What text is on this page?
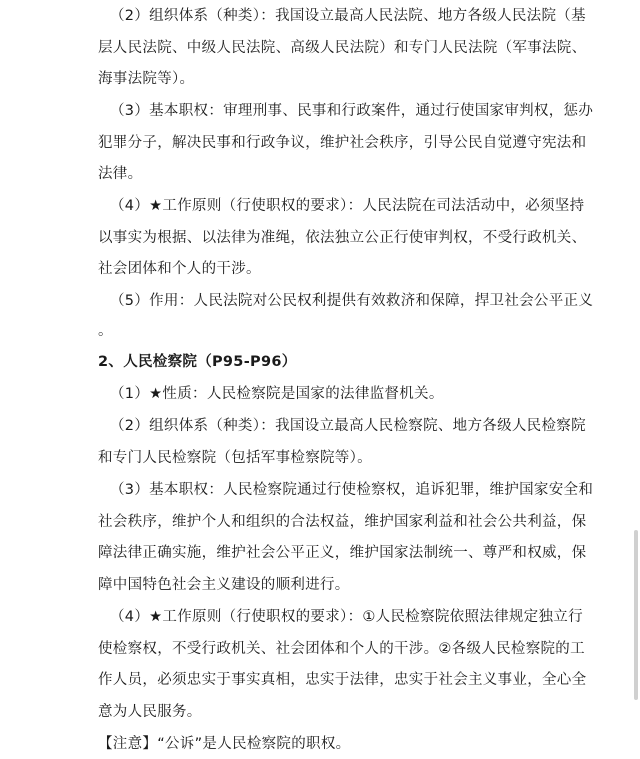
（2）组织体系（种类）：我国设立最高人民法院、地方各级人民法院（基
层人民法院、中级人民法院、高级人民法院）和专门人民法院（军事法院、
海事法院等）。
（3）基本职权：审理刑事、民事和行政案件，通过行使国家审判权，惩办
犯罪分子，解决民事和行政争议，维护社会秩序，引导公民自觉遵守宪法和
法律。
（4）★工作原则（行使职权的要求）：人民法院在司法活动中，必须坚持
以事实为根据、以法律为准绳，依法独立公正行使审判权，不受行政机关、
社会团体和个人的干涉。
（5）作用：人民法院对公民权利提供有效救济和保障，捍卫社会公平正义
。
2、人民检察院（P95-P96）
（1）★性质：人民检察院是国家的法律监督机关。
（2）组织体系（种类）：我国设立最高人民检察院、地方各级人民检察院
和专门人民检察院（包括军事检察院等）。
（3）基本职权：人民检察院通过行使检察权，追诉犯罪，维护国家安全和
社会秩序，维护个人和组织的合法权益，维护国家利益和社会公共利益，保
障法律正确实施，维护社会公平正义，维护国家法制统一、尊严和权威，保
障中国特色社会主义建设的顺利进行。
（4）★工作原则（行使职权的要求）：①人民检察院依照法律规定独立行
使检察权，不受行政机关、社会团体和个人的干涉。②各级人民检察院的工
作人员，必须忠实于事实真相，忠实于法律，忠实于社会主义事业，全心全
意为人民服务。
【注意】“公诉”是人民检察院的职权。
